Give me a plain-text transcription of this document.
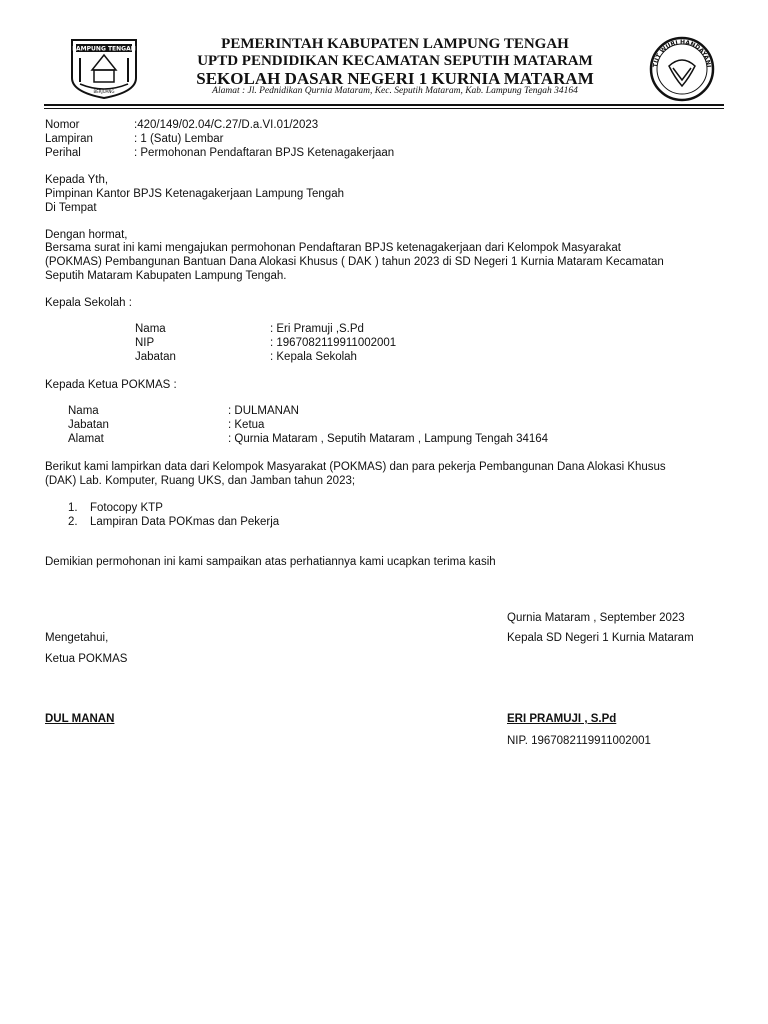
LAMPUNG TENGAH
BERJUANG
TUT WURI HANDAYANI
PEMERINTAH KABUPATEN LAMPUNG TENGAH
UPTD PENDIDIKAN KECAMATAN SEPUTIH MATARAM
SEKOLAH DASAR NEGERI 1 KURNIA MATARAM
Alamat : Jl. Pednidikan Qurnia Mataram, Kec. Seputih Mataram, Kab. Lampung Tengah 34164
Nomor	:420/149/02.04/C.27/D.a.VI.01/2023
Lampiran	: 1 (Satu) Lembar
Perihal	: Permohonan Pendaftaran BPJS Ketenagakerjaan
Kepada Yth,
Pimpinan Kantor BPJS Ketenagakerjaan Lampung Tengah
Di Tempat
Dengan hormat,
Bersama surat ini kami mengajukan permohonan Pendaftaran BPJS ketenagakerjaan dari Kelompok Masyarakat
(POKMAS) Pembangunan Bantuan Dana Alokasi Khusus ( DAK ) tahun 2023 di SD Negeri 1 Kurnia Mataram Kecamatan
Seputih Mataram Kabupaten Lampung Tengah.
Kepala Sekolah :
Nama	: Eri Pramuji ,S.Pd
NIP	: 196708211991100​2001
Jabatan	: Kepala Sekolah
Kepada Ketua POKMAS :
Nama	: DULMANAN
Jabatan	: Ketua
Alamat	: Qurnia Mataram , Seputih Mataram , Lampung Tengah 34164
Berikut kami lampirkan data dari Kelompok Masyarakat (POKMAS) dan para pekerja Pembangunan Dana Alokasi Khusus
(DAK) Lab. Komputer, Ruang UKS, dan Jamban tahun 2023;
1. Fotocopy KTP
2. Lampiran Data POKmas dan Pekerja
Demikian permohonan ini kami sampaikan atas perhatiannya kami ucapkan terima kasih
Qurnia Mataram , September 2023
Mengetahui,	Kepala SD Negeri 1 Kurnia Mataram
Ketua POKMAS
DUL MANAN	ERI PRAMUJI , S.Pd
NIP. 196708211991100​2001
